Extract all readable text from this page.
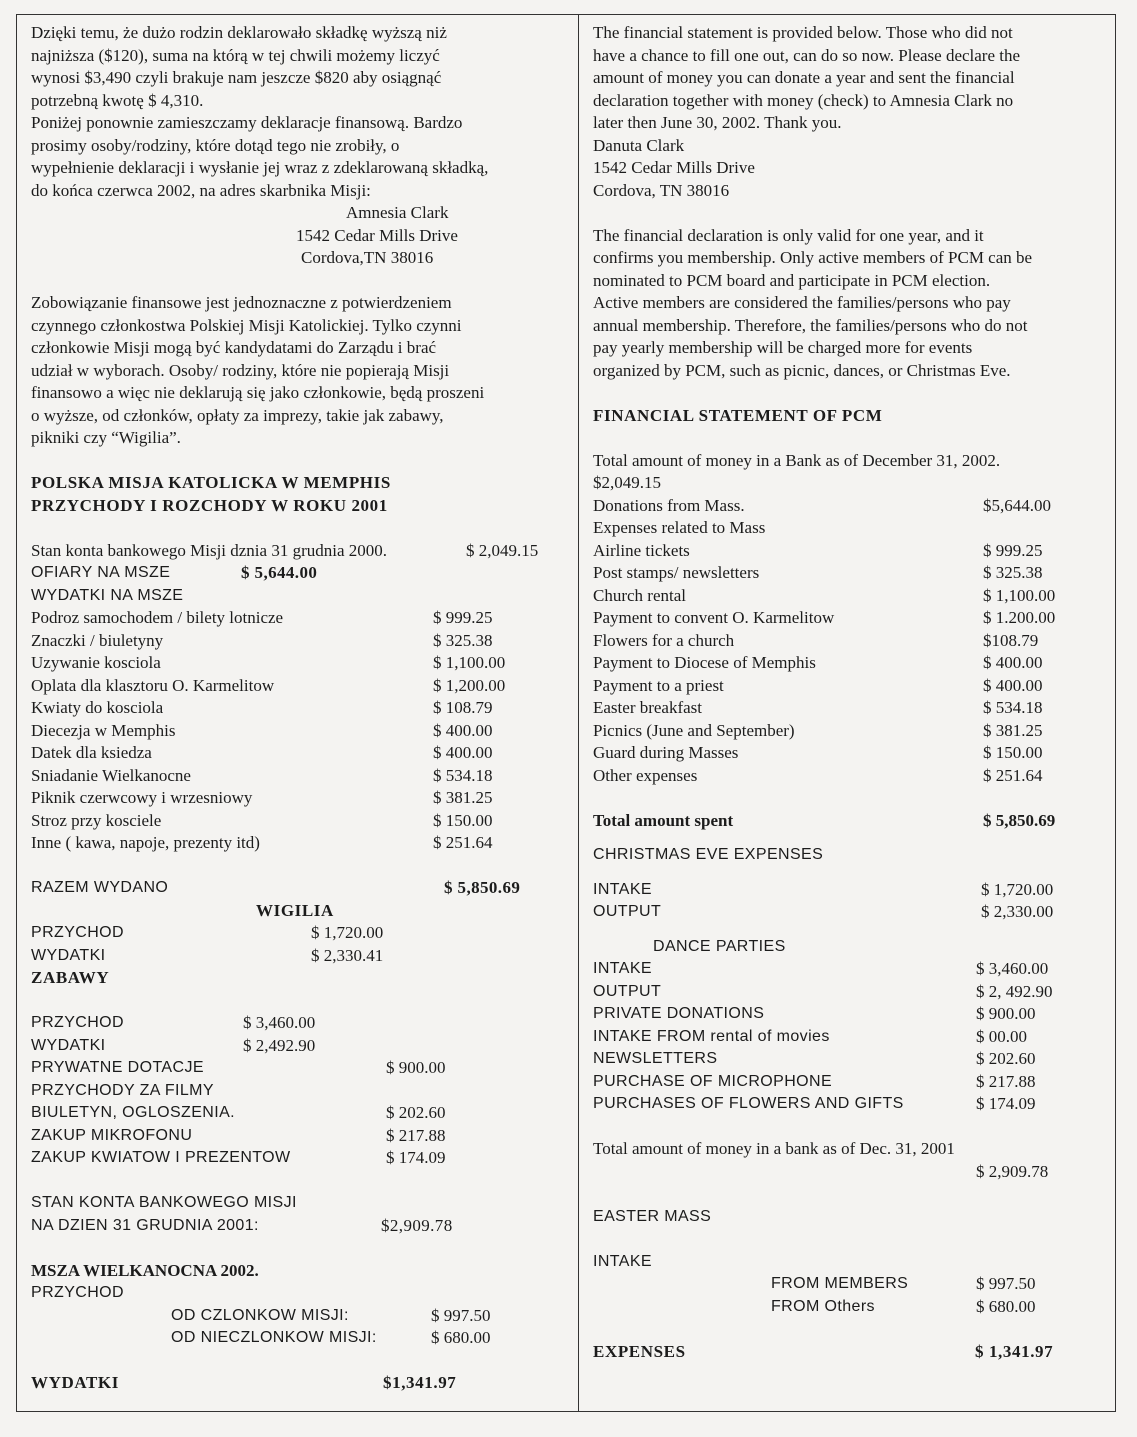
Dzięki temu, że dużo rodzin deklarowało składkę wyższą niż
najniższa ($120), suma na którą w tej chwili możemy liczyć
wynosi $3,490 czyli brakuje nam jeszcze $820 aby osiągnąć
potrzebną kwotę $ 4,310.
Poniżej ponownie zamieszczamy deklaracje finansową. Bardzo
prosimy osoby/rodziny, które dotąd tego nie zrobiły, o
wypełnienie deklaracji i wysłanie jej wraz z zdeklarowaną składką,
do końca czerwca 2002, na adres skarbnika Misji:
Amnesia Clark
1542 Cedar Mills Drive
Cordova,TN 38016
Zobowiązanie finansowe jest jednoznaczne z potwierdzeniem
czynnego członkostwa Polskiej Misji Katolickiej. Tylko czynni
członkowie Misji mogą być kandydatami do Zarządu i brać
udział w wyborach. Osoby/ rodziny, które nie popierają Misji
finansowo a więc nie deklarują się jako członkowie, będą proszeni
o wyższe, od członków, opłaty za imprezy, takie jak zabawy,
pikniki czy “Wigilia”.
POLSKA MISJA KATOLICKA W MEMPHIS
PRZYCHODY I ROZCHODY W ROKU 2001
Stan konta bankowego Misji dznia 31 grudnia 2000.	$ 2,049.15
OFIARY NA MSZE	$ 5,644.00
WYDATKI NA MSZE
Podroz samochodem / bilety lotnicze	$ 999.25
Znaczki / biuletyny	$ 325.38
Uzywanie kosciola	$ 1,100.00
Oplata dla klasztoru O. Karmelitow	$ 1,200.00
Kwiaty do kosciola	$ 108.79
Diecezja w Memphis	$ 400.00
Datek dla ksiedza	$ 400.00
Sniadanie Wielkanocne	$ 534.18
Piknik czerwcowy i wrzesniowy	$ 381.25
Stroz przy kosciele	$ 150.00
Inne ( kawa, napoje, prezenty itd)	$ 251.64
RAZEM WYDANO	$ 5,850.69
WIGILIA
PRZYCHOD	$ 1,720.00
WYDATKI	$ 2,330.41
ZABAWY
PRZYCHOD	$ 3,460.00
WYDATKI	$ 2,492.90
PRYWATNE DOTACJE	$ 900.00
PRZYCHODY ZA FILMY
BIULETYN, OGLOSZENIA.	$ 202.60
ZAKUP MIKROFONU	$ 217.88
ZAKUP KWIATOW I PREZENTOW	$ 174.09
STAN KONTA BANKOWEGO MISJI
NA DZIEN 31 GRUDNIA 2001:	$2,909.78
MSZA WIELKANOCNA 2002.
PRZYCHOD
OD CZLONKOW MISJI:	$ 997.50
OD NIECZLONKOW MISJI:	$ 680.00
WYDATKI	$1,341.97
The financial statement is provided below. Those who did not
have a chance to fill one out, can do so now. Please declare the
amount of money you can donate a year and sent the financial
declaration together with money (check) to Amnesia Clark no
later then June 30, 2002. Thank you.
Danuta Clark
1542 Cedar Mills Drive
Cordova, TN 38016
The financial declaration is only valid for one year, and it
confirms you membership. Only active members of PCM can be
nominated to PCM board and participate in PCM election.
Active members are considered the families/persons who pay
annual membership. Therefore, the families/persons who do not
pay yearly membership will be charged more for events
organized by PCM, such as picnic, dances, or Christmas Eve.
FINANCIAL STATEMENT OF PCM
Total amount of money in a Bank as of December 31, 2002.
$2,049.15
Donations from Mass.	$5,644.00
Expenses related to Mass
Airline tickets	$ 999.25
Post stamps/ newsletters	$ 325.38
Church rental	$ 1,100.00
Payment to convent O. Karmelitow	$ 1.200.00
Flowers for a church	$108.79
Payment to Diocese of Memphis	$ 400.00
Payment to a priest	$ 400.00
Easter breakfast	$ 534.18
Picnics (June and September)	$ 381.25
Guard during Masses	$ 150.00
Other expenses	$ 251.64
Total amount spent	$ 5,850.69
CHRISTMAS EVE EXPENSES
INTAKE	$ 1,720.00
OUTPUT	$ 2,330.00
DANCE PARTIES
INTAKE	$ 3,460.00
OUTPUT	$ 2, 492.90
PRIVATE DONATIONS	$ 900.00
INTAKE FROM rental of movies	$ 00.00
NEWSLETTERS	$ 202.60
PURCHASE OF MICROPHONE	$ 217.88
PURCHASES OF FLOWERS AND GIFTS	$ 174.09
Total amount of money in a bank as of Dec. 31, 2001
$ 2,909.78
EASTER MASS
INTAKE
FROM MEMBERS	$ 997.50
FROM Others	$ 680.00
EXPENSES	$ 1,341.97
